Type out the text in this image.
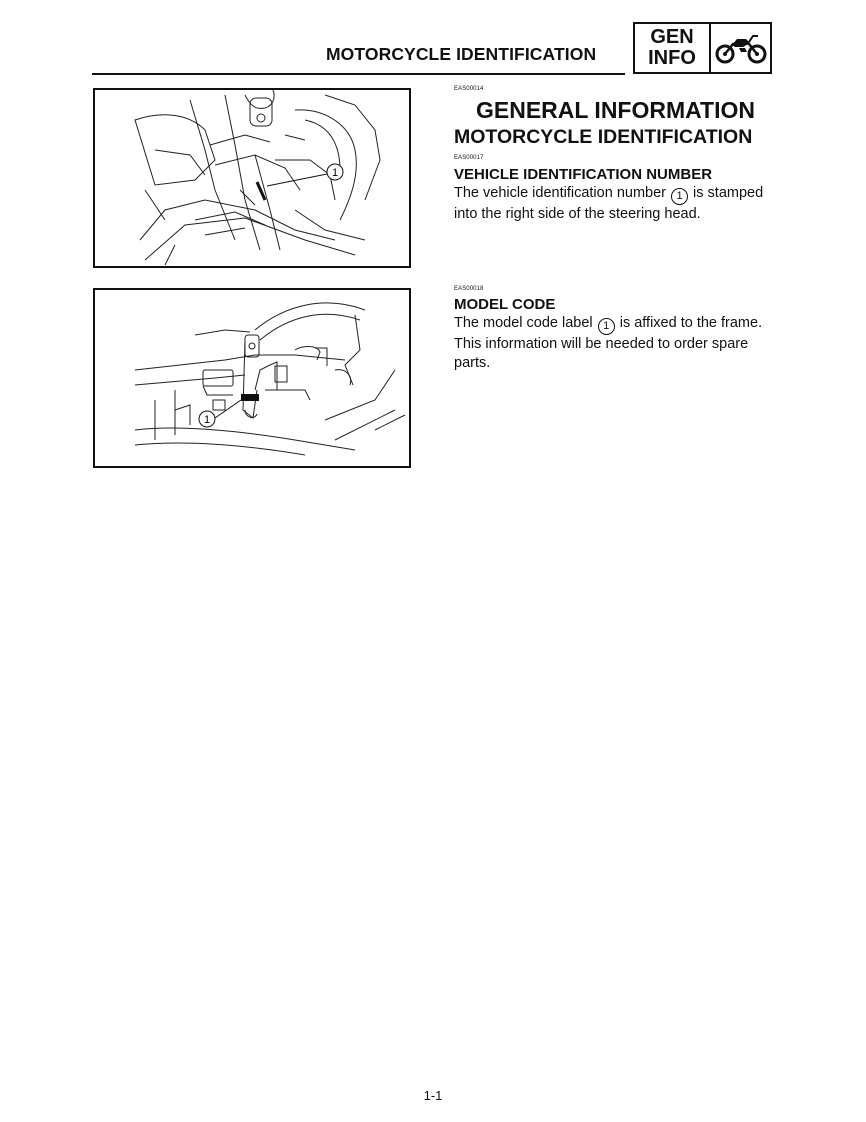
MOTORCYCLE IDENTIFICATION
GEN
INFO
1
1
EAS00014
GENERAL INFORMATION
MOTORCYCLE IDENTIFICATION
EAS00017
VEHICLE IDENTIFICATION NUMBER
The vehicle identification number 1 is stamped into the right side of the steering head.
EAS00018
MODEL CODE
The model code label 1 is affixed to the frame. This information will be needed to order spare parts.
1-1
